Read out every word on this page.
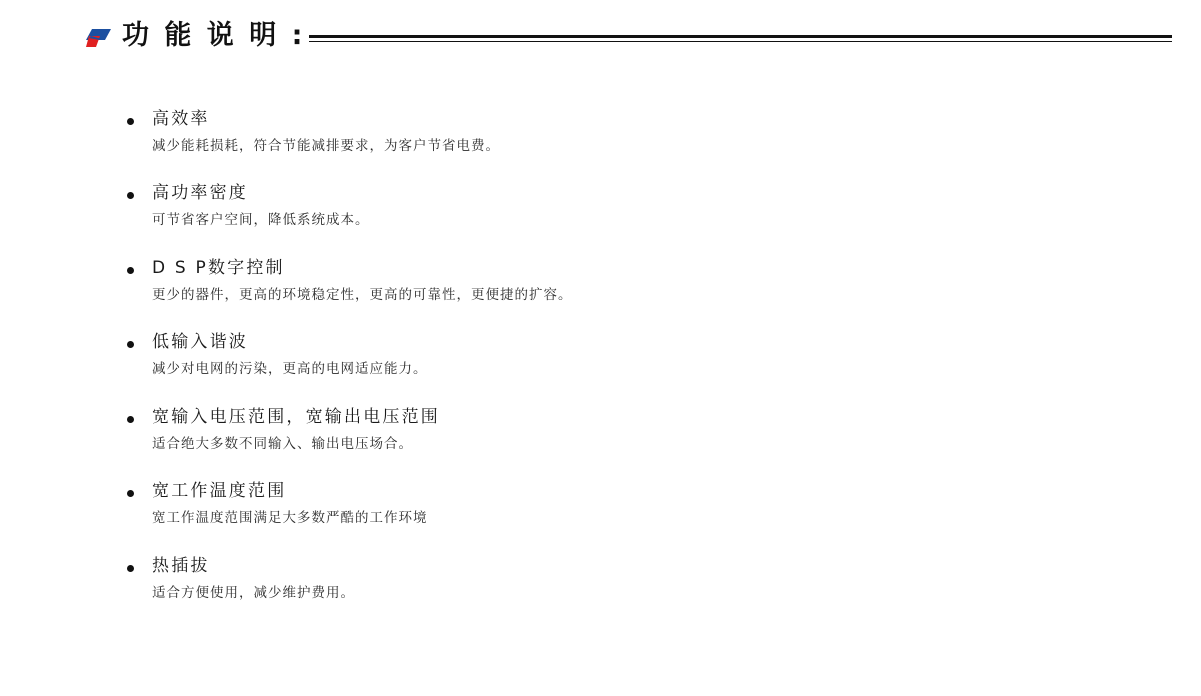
功 能 说 明 :

高效率

减少能耗损耗，符合节能减排要求，为客户节省电费。

高功率密度

可节省客户空间，降低系统成本。

D S P数字控制

更少的器件，更高的环境稳定性，更高的可靠性，更便捷的扩容。

低输入谐波

减少对电网的污染，更高的电网适应能力。

宽输入电压范围，宽输出电压范围

适合绝大多数不同输入、输出电压场合。

宽工作温度范围

宽工作温度范围满足大多数严酷的工作环境

热插拔

适合方便使用，减少维护费用。
